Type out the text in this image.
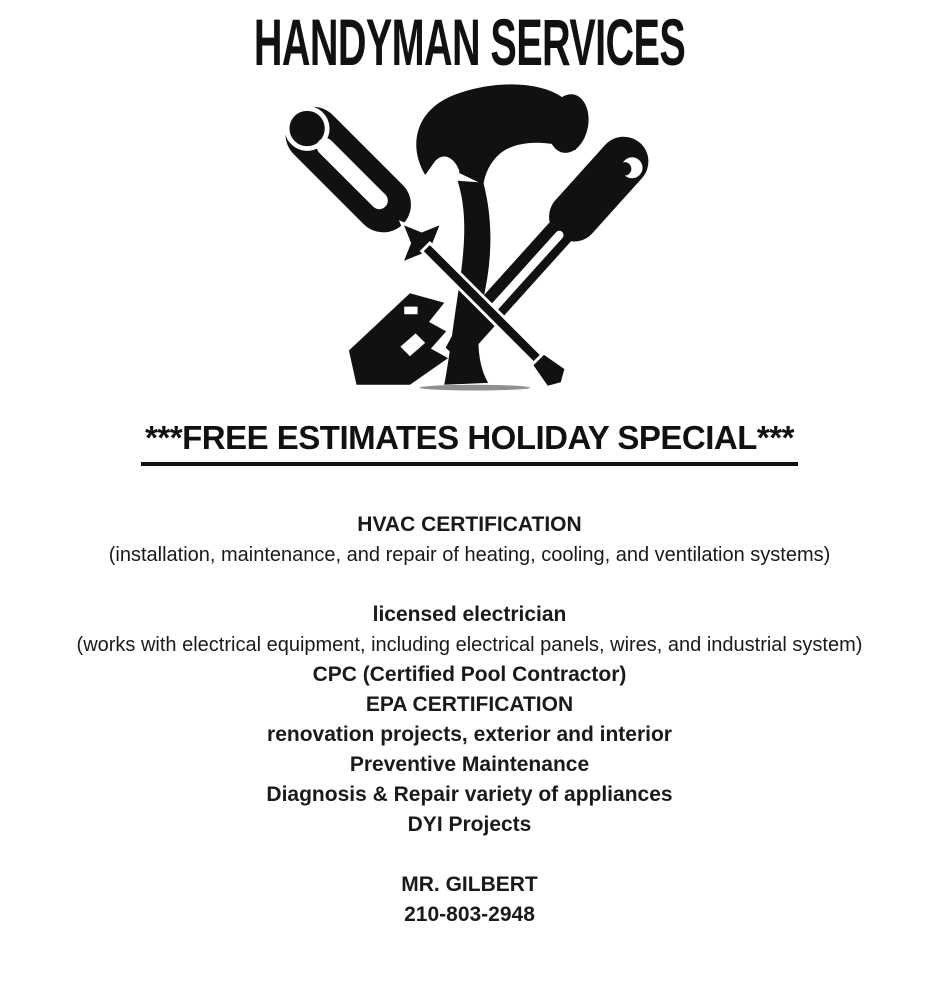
HANDYMAN SERVICES
***FREE ESTIMATES HOLIDAY SPECIAL***

HVAC CERTIFICATION

(installation, maintenance, and repair of heating, cooling, and ventilation systems)

licensed electrician

(works with electrical equipment, including electrical panels, wires, and industrial system)

CPC (Certified Pool Contractor)

EPA CERTIFICATION

renovation projects, exterior and interior

Preventive Maintenance

Diagnosis & Repair variety of appliances

DYI Projects

MR. GILBERT

210-803-2948
